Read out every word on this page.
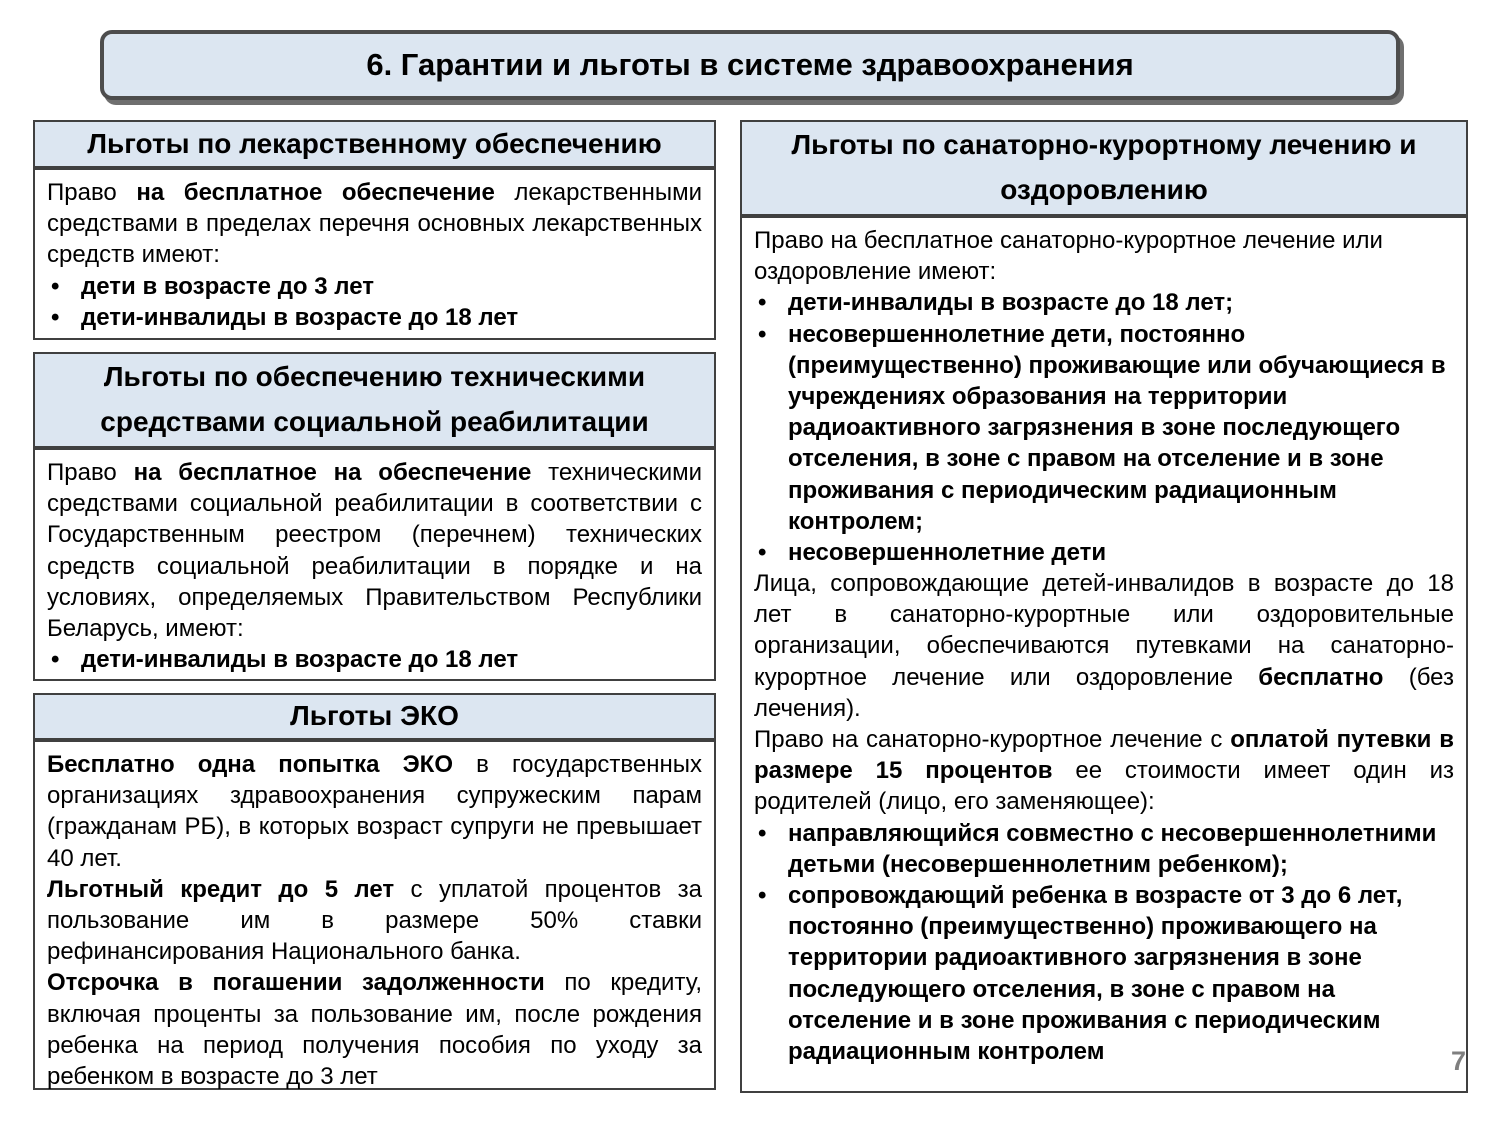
6. Гарантии и льготы в системе здравоохранения
Льготы по лекарственному обеспечению

Право на бесплатное обеспечение лекарственными средствами в пределах перечня основных лекарственных средств имеют:

• дети в возрасте до 3 лет
• дети-инвалиды в возрасте до 18 лет
Льготы по обеспечению техническими средствами социальной реабилитации

Право на бесплатное на обеспечение техническими средствами социальной реабилитации в соответствии с Государственным реестром (перечнем) технических средств социальной реабилитации в порядке и на условиях, определяемых Правительством Республики Беларусь, имеют:

• дети-инвалиды в возрасте до 18 лет
Льготы ЭКО

Бесплатно одна попытка ЭКО в государственных организациях здравоохранения супружеским парам (гражданам РБ), в которых возраст супруги не превышает 40 лет.

Льготный кредит до 5 лет с уплатой процентов за пользование им в размере 50% ставки рефинансирования Национального банка.

Отсрочка в погашении задолженности по кредиту, включая проценты за пользование им, после рождения ребенка на период получения пособия по уходу за ребенком в возрасте до 3 лет

Льготы по санаторно-курортному лечению и оздоровлению

Право на бесплатное санаторно-курортное лечение или оздоровление имеют:

• дети-инвалиды в возрасте до 18 лет;
• несовершеннолетние дети, постоянно (преимущественно) проживающие или обучающиеся в учреждениях образования на территории радиоактивного загрязнения в зоне последующего отселения, в зоне с правом на отселение и в зоне проживания с периодическим радиационным контролем;
• несовершеннолетние дети

Лица, сопровождающие детей-инвалидов в возрасте до 18 лет в санаторно-курортные или оздоровительные организации, обеспечиваются путевками на санаторно-курортное лечение или оздоровление бесплатно (без лечения).

Право на санаторно-курортное лечение с оплатой путевки в размере 15 процентов ее стоимости имеет один из родителей (лицо, его заменяющее):

• направляющийся совместно с несовершеннолетними детьми (несовершеннолетним ребенком);
• сопровождающий ребенка в возрасте от 3 до 6 лет, постоянно (преимущественно) проживающего на территории радиоактивного загрязнения в зоне последующего отселения, в зоне с правом на отселение и в зоне проживания с периодическим радиационным контролем	7
